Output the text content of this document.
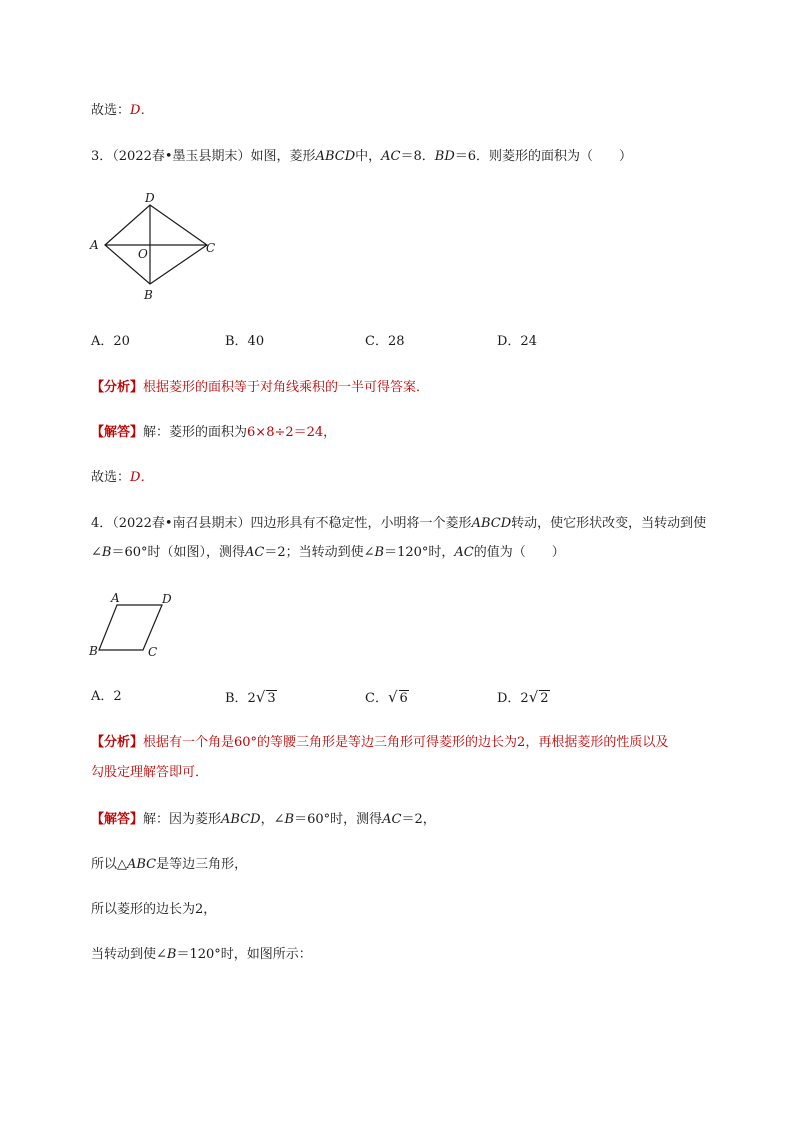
故选：D．
3．（2022春•墨玉县期末）如图，菱形ABCD中，AC＝8．BD＝6．则菱形的面积为（　　）
D
A	C
O
B
A．20	B．40	C．28	D．24
【分析】根据菱形的面积等于对角线乘积的一半可得答案．
【解答】解：菱形的面积为6×8÷2＝24，
故选：D．
4．（2022春•南召县期末）四边形具有不稳定性，小明将一个菱形ABCD转动，使它形状改变，当转动到使
∠B＝60°时（如图），测得AC＝2；当转动到使∠B＝120°时，AC的值为（　　）
A	D
B	C
A．2	B．2√ 3	C．√ 6	D．2√ 2
【分析】根据有一个角是60°的等腰三角形是等边三角形可得菱形的边长为2，再根据菱形的性质以及
勾股定理解答即可．
【解答】解：因为菱形ABCD，∠B＝60°时，测得AC＝2，
所以△ABC是等边三角形，
所以菱形的边长为2，
当转动到使∠B＝120°时，如图所示：
